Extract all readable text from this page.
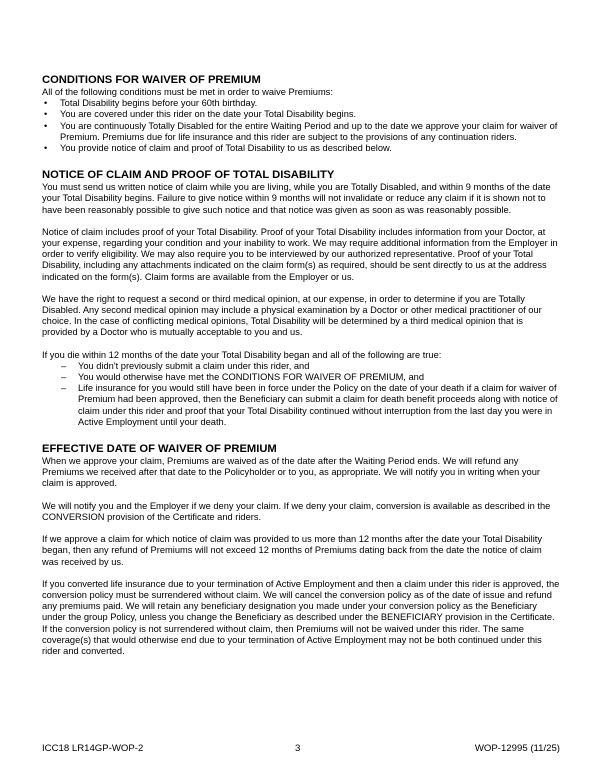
CONDITIONS FOR WAIVER OF PREMIUM

All of the following conditions must be met in order to waive Premiums:

• Total Disability begins before your 60th birthday.
• You are covered under this rider on the date your Total Disability begins.
• You are continuously Totally Disabled for the entire Waiting Period and up to the date we approve your claim for waiver of Premium. Premiums due for life insurance and this rider are subject to the provisions of any continuation riders.
• You provide notice of claim and proof of Total Disability to us as described below.
NOTICE OF CLAIM AND PROOF OF TOTAL DISABILITY

You must send us written notice of claim while you are living, while you are Totally Disabled, and within 9 months of the date your Total Disability begins. Failure to give notice within 9 months will not invalidate or reduce any claim if it is shown not to have been reasonably possible to give such notice and that notice was given as soon as was reasonably possible.

Notice of claim includes proof of your Total Disability. Proof of your Total Disability includes information from your Doctor, at your expense, regarding your condition and your inability to work. We may require additional information from the Employer in order to verify eligibility. We may also require you to be interviewed by our authorized representative. Proof of your Total Disability, including any attachments indicated on the claim form(s) as required, should be sent directly to us at the address indicated on the form(s). Claim forms are available from the Employer or us.

We have the right to request a second or third medical opinion, at our expense, in order to determine if you are Totally Disabled. Any second medical opinion may include a physical examination by a Doctor or other medical practitioner of our choice. In the case of conflicting medical opinions, Total Disability will be determined by a third medical opinion that is provided by a Doctor who is mutually acceptable to you and us.

If you die within 12 months of the date your Total Disability began and all of the following are true:

– You didn't previously submit a claim under this rider, and
– You would otherwise have met the CONDITIONS FOR WAIVER OF PREMIUM, and
– Life insurance for you would still have been in force under the Policy on the date of your death if a claim for waiver of Premium had been approved, then the Beneficiary can submit a claim for death benefit proceeds along with notice of claim under this rider and proof that your Total Disability continued without interruption from the last day you were in Active Employment until your death.
EFFECTIVE DATE OF WAIVER OF PREMIUM

When we approve your claim, Premiums are waived as of the date after the Waiting Period ends. We will refund any Premiums we received after that date to the Policyholder or to you, as appropriate. We will notify you in writing when your claim is approved.

We will notify you and the Employer if we deny your claim. If we deny your claim, conversion is available as described in the CONVERSION provision of the Certificate and riders.

If we approve a claim for which notice of claim was provided to us more than 12 months after the date your Total Disability began, then any refund of Premiums will not exceed 12 months of Premiums dating back from the date the notice of claim was received by us.

If you converted life insurance due to your termination of Active Employment and then a claim under this rider is approved, the conversion policy must be surrendered without claim. We will cancel the conversion policy as of the date of issue and refund any premiums paid. We will retain any beneficiary designation you made under your conversion policy as the Beneficiary under the group Policy, unless you change the Beneficiary as described under the BENEFICIARY provision in the Certificate. If the conversion policy is not surrendered without claim, then Premiums will not be waived under this rider. The same coverage(s) that would otherwise end due to your termination of Active Employment may not be both continued under this rider and converted.

ICC18 LR14GP-WOP-2	3	WOP-12995 (11/25)
